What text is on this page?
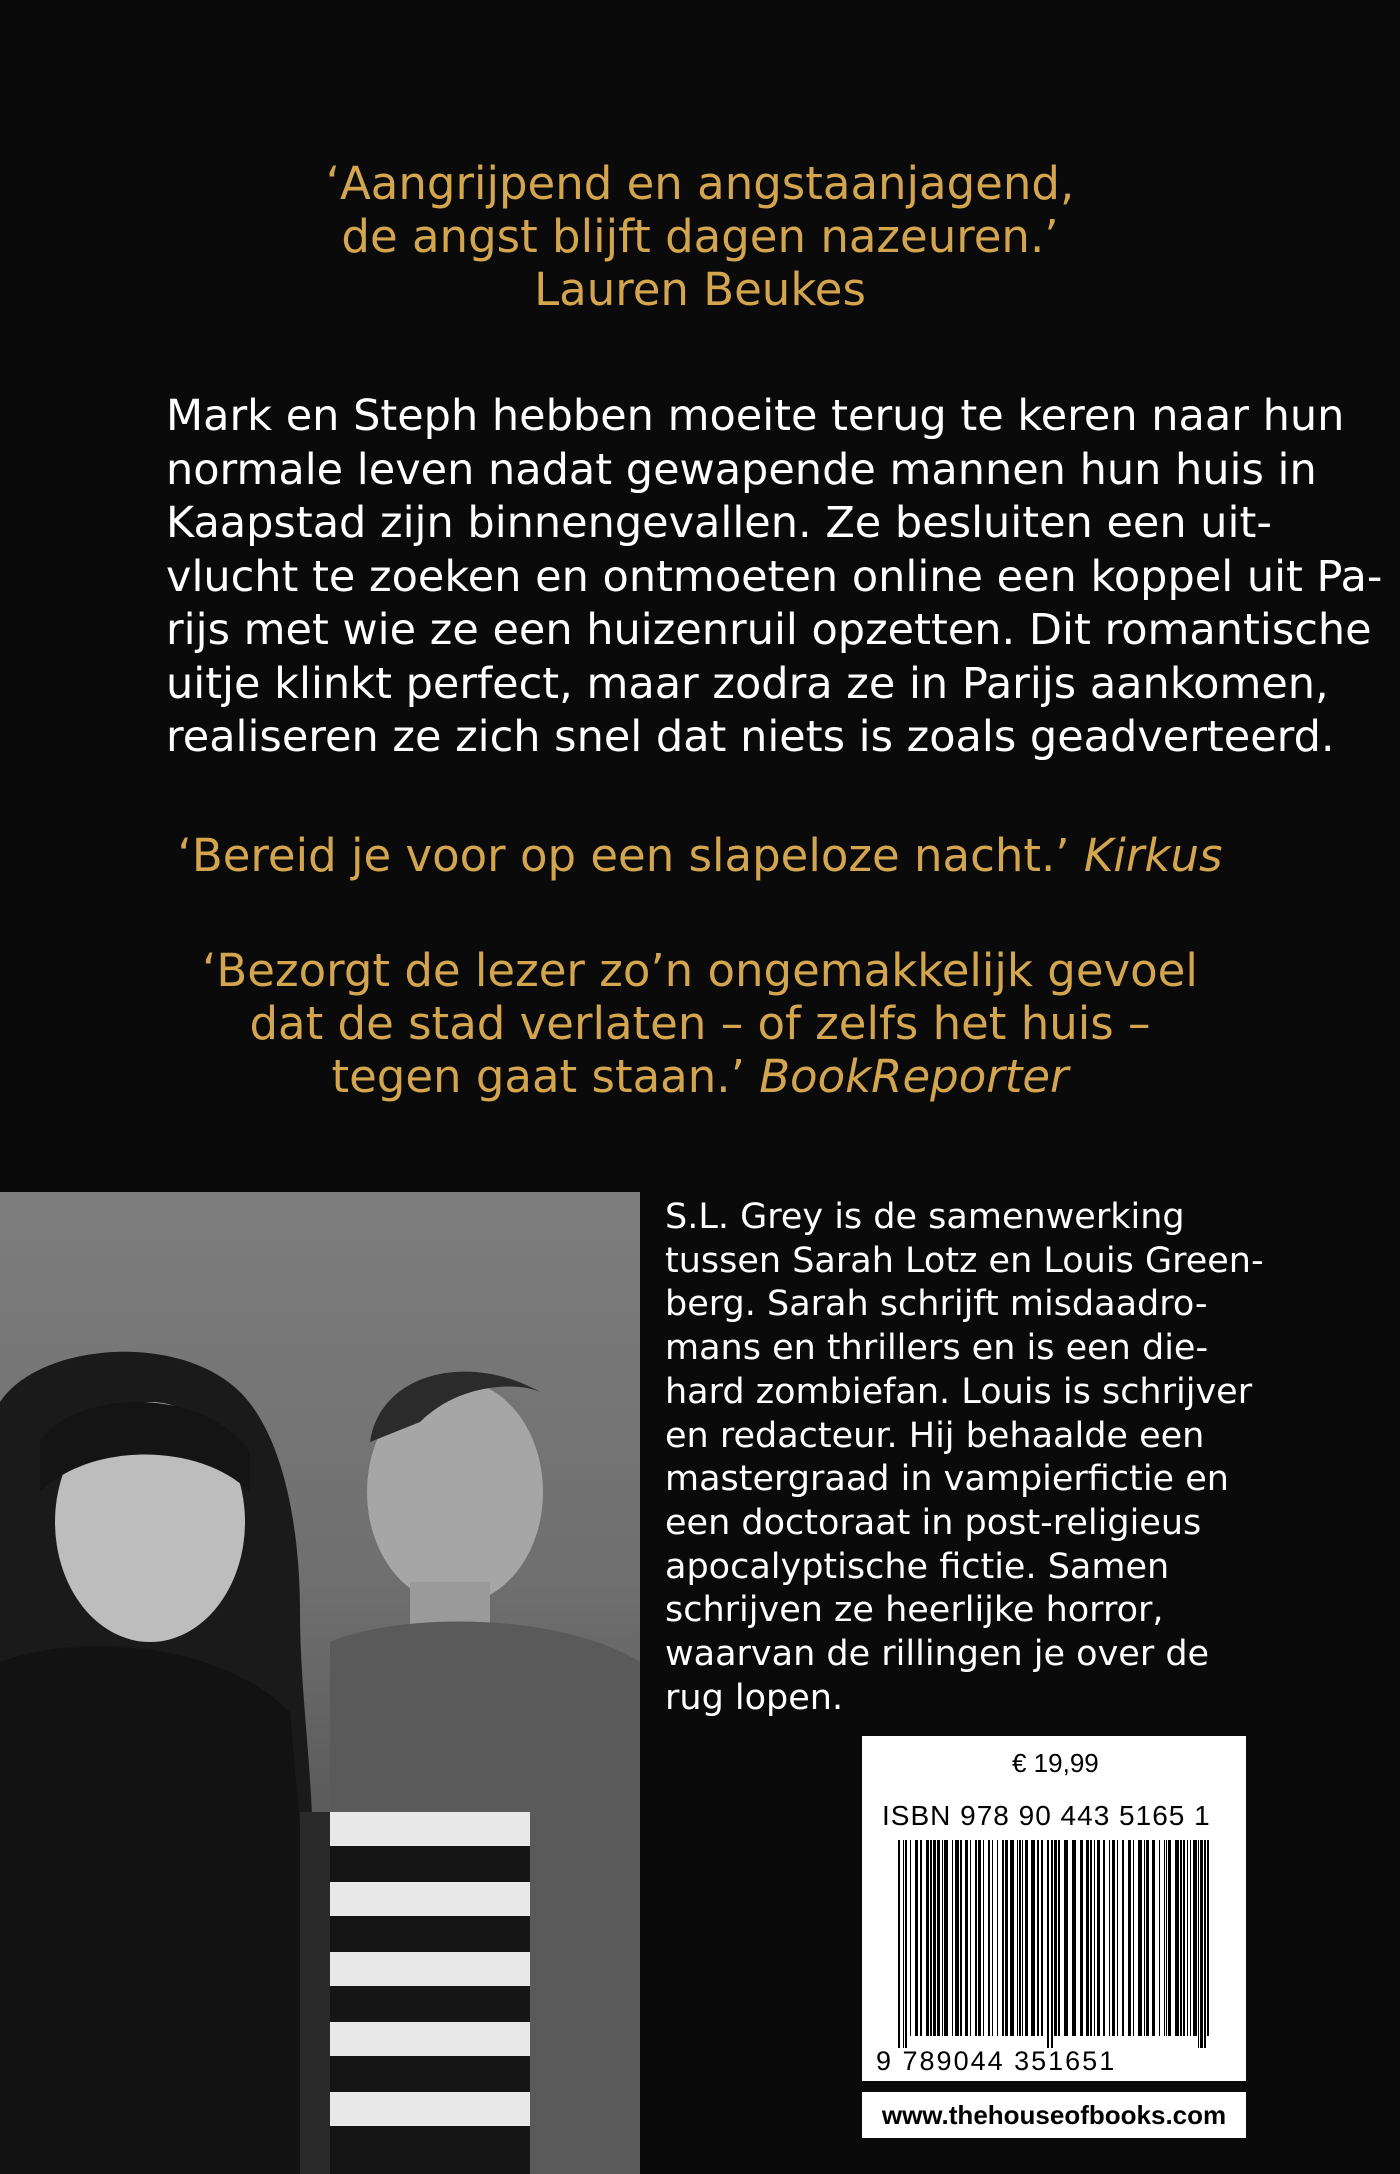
‘Aangrijpend en angstaanjagend,
de angst blijft dagen nazeuren.’
Lauren Beukes
Mark en Steph hebben moeite terug te keren naar hun
normale leven nadat gewapende mannen hun huis in
Kaapstad zijn binnengevallen. Ze besluiten een uit-
vlucht te zoeken en ontmoeten online een koppel uit Pa-
rijs met wie ze een huizenruil opzetten. Dit romantische
uitje klinkt perfect, maar zodra ze in Parijs aankomen,
realiseren ze zich snel dat niets is zoals geadverteerd.
‘Bereid je voor op een slapeloze nacht.’ Kirkus
‘Bezorgt de lezer zo’n ongemakkelijk gevoel
dat de stad verlaten – of zelfs het huis –
tegen gaat staan.’ BookReporter
S.L. Grey is de samenwerking
tussen Sarah Lotz en Louis Green-
berg. Sarah schrijft misdaadro-
mans en thrillers en is een die-
hard zombiefan. Louis is schrijver
en redacteur. Hij behaalde een
mastergraad in vampierfictie en
een doctoraat in post-religieus
apocalyptische fictie. Samen
schrijven ze heerlijke horror,
waarvan de rillingen je over de
rug lopen.
€ 19,99
ISBN 978 90 443 5165 1
9 789044 351651
www.thehouseofbooks.com
